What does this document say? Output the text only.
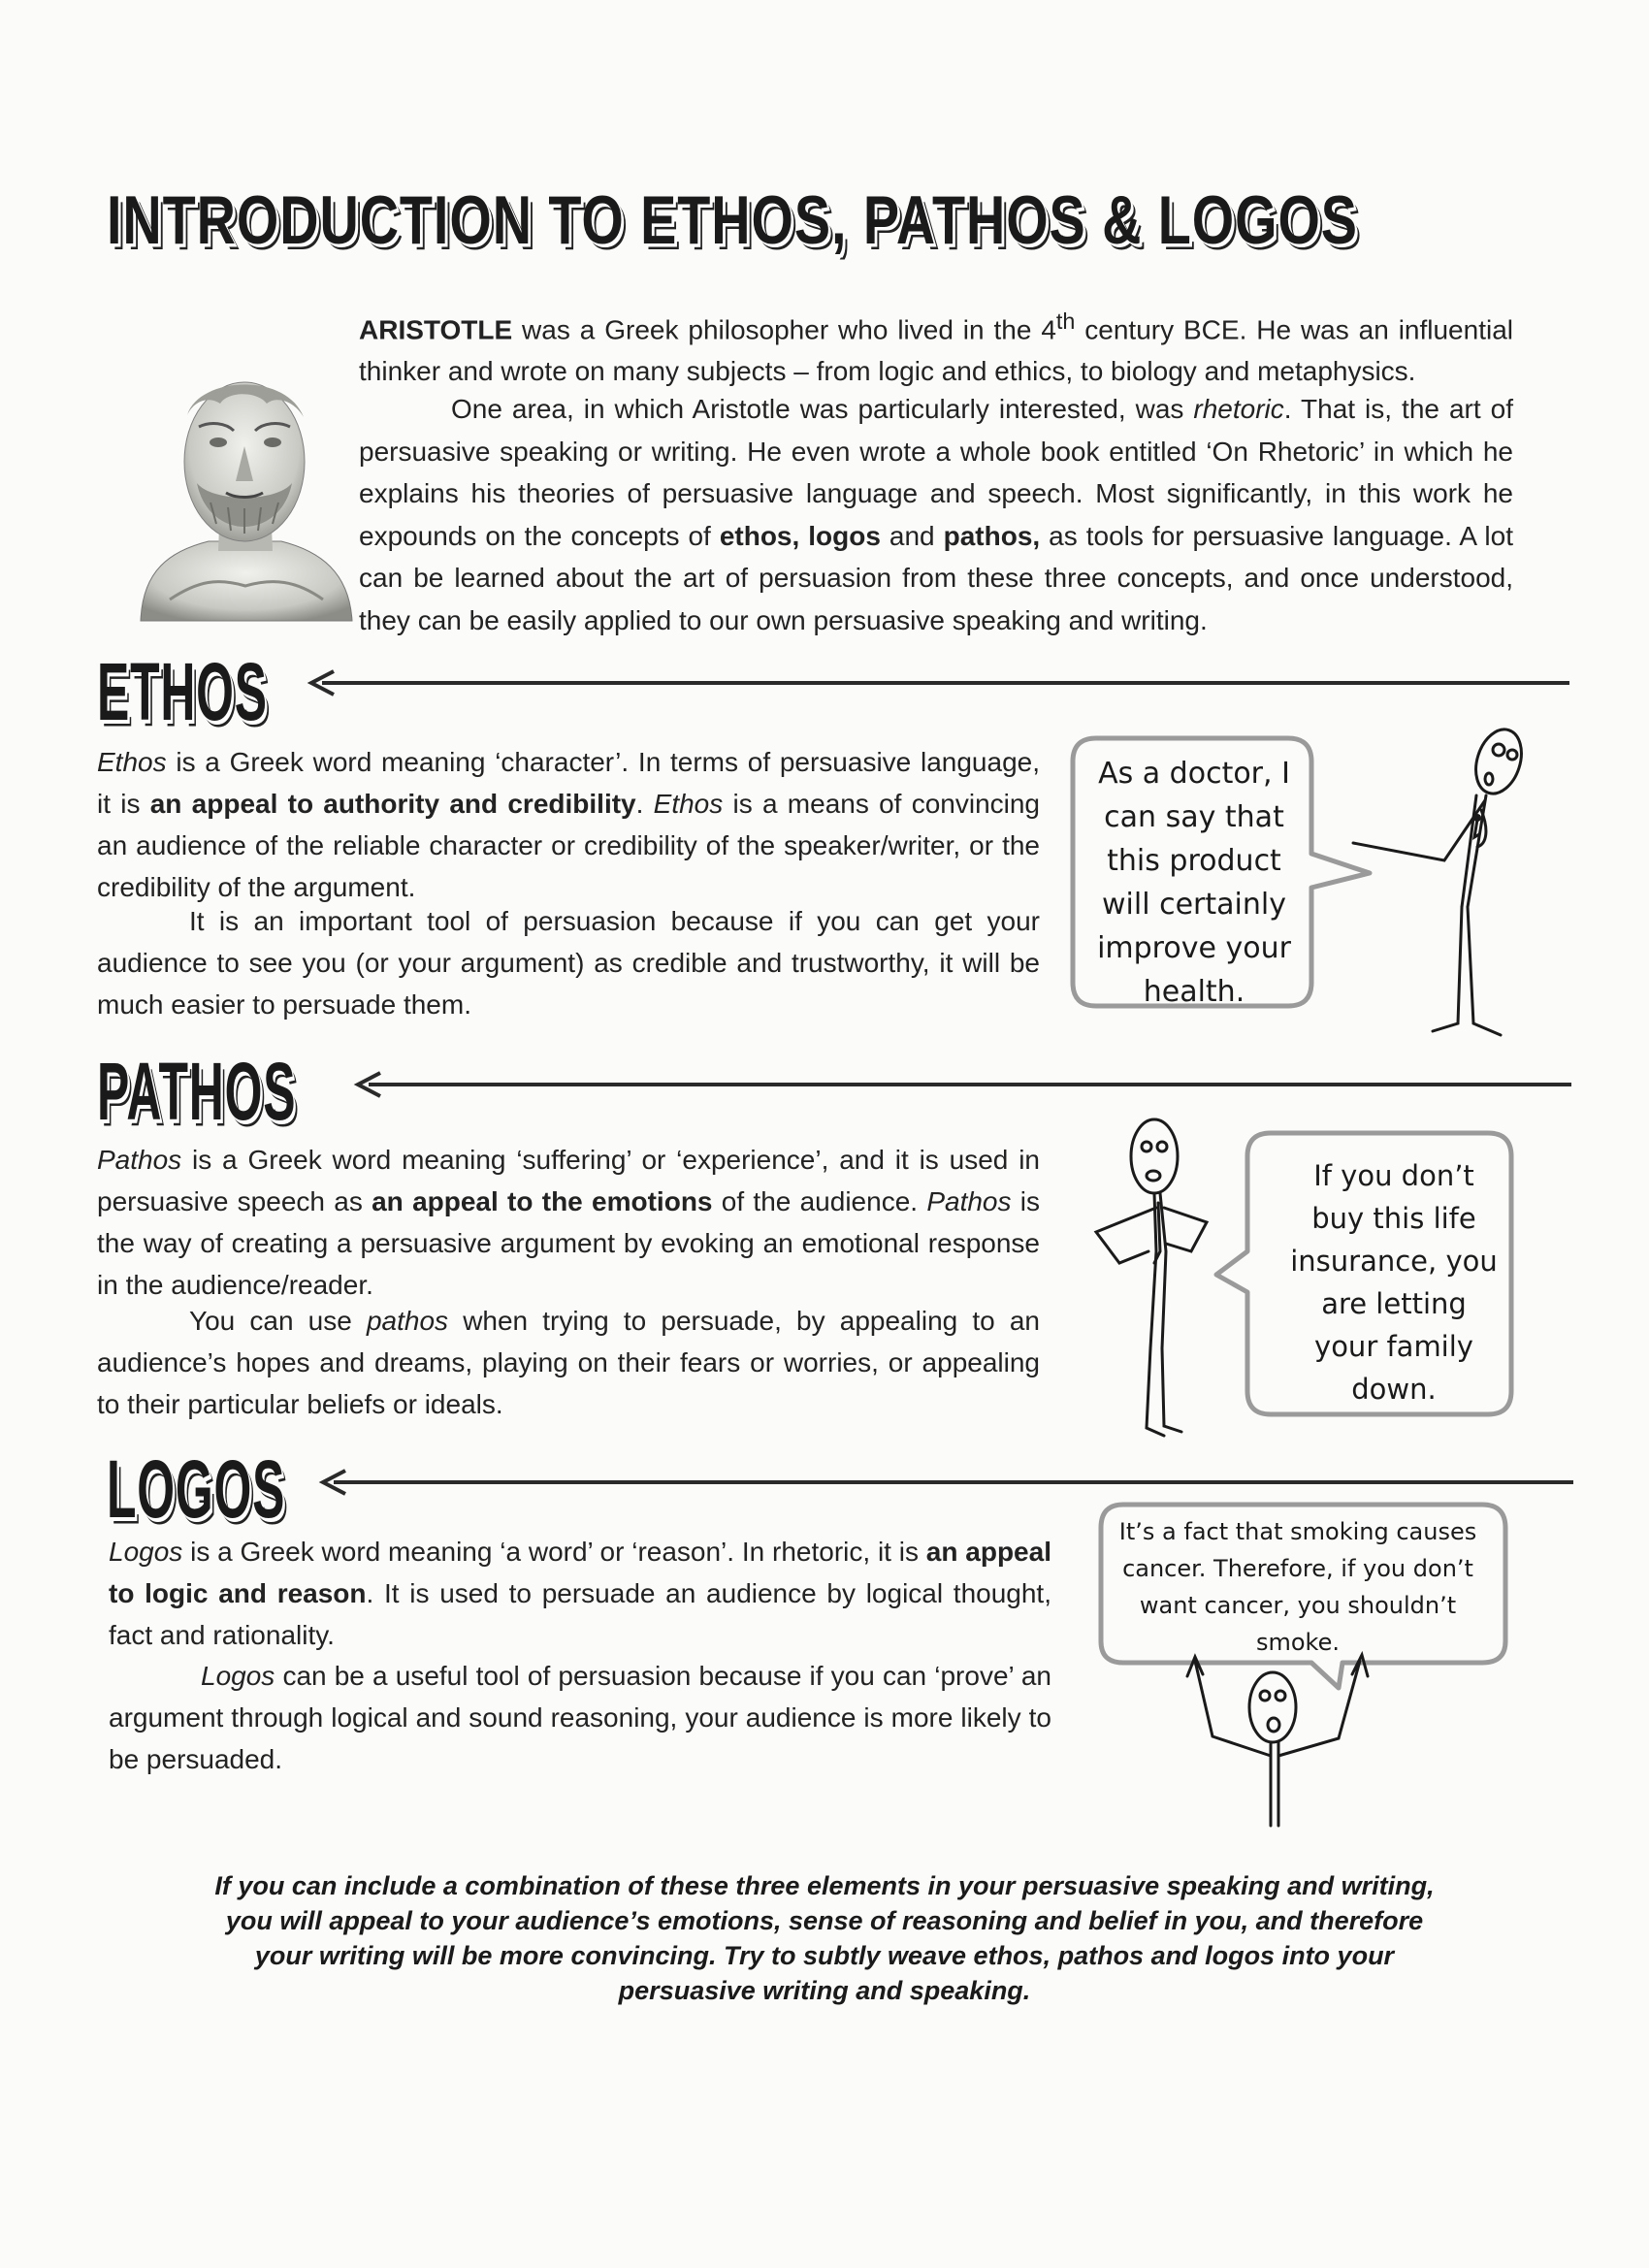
INTRODUCTION TO ETHOS, PATHOS & LOGOS

ARISTOTLE was a Greek philosopher who lived in the 4th century BCE. He was an influential thinker and wrote on many subjects – from logic and ethics, to biology and metaphysics.

One area, in which Aristotle was particularly interested, was rhetoric. That is, the art of persuasive speaking or writing. He even wrote a whole book entitled ‘On Rhetoric’ in which he explains his theories of persuasive language and speech. Most significantly, in this work he expounds on the concepts of ethos, logos and pathos, as tools for persuasive language. A lot can be learned about the art of persuasion from these three concepts, and once understood, they can be easily applied to our own persuasive speaking and writing.

ETHOS

Ethos is a Greek word meaning ‘character’. In terms of persuasive language, it is an appeal to authority and credibility. Ethos is a means of convincing an audience of the reliable character or credibility of the speaker/writer, or the credibility of the argument.

It is an important tool of persuasion because if you can get your audience to see you (or your argument) as credible and trustworthy, it will be much easier to persuade them.

As a doctor, I
can say that
this product
will certainly
improve your
health.
PATHOS

Pathos is a Greek word meaning ‘suffering’ or ‘experience’, and it is used in persuasive speech as an appeal to the emotions of the audience. Pathos is the way of creating a persuasive argument by evoking an emotional response in the audience/reader.

You can use pathos when trying to persuade, by appealing to an audience’s hopes and dreams, playing on their fears or worries, or appealing to their particular beliefs or ideals.

If you don’t
buy this life
insurance, you
are letting
your family
down.
LOGOS

Logos is a Greek word meaning ‘a word’ or ‘reason’. In rhetoric, it is an appeal to logic and reason. It is used to persuade an audience by logical thought, fact and rationality.

Logos can be a useful tool of persuasion because if you can ‘prove’ an argument through logical and sound reasoning, your audience is more likely to be persuaded.

It’s a fact that smoking causes
cancer. Therefore, if you don’t
want cancer, you shouldn’t smoke.

If you can include a combination of these three elements in your persuasive speaking and writing, you will appeal to your audience’s emotions, sense of reasoning and belief in you, and therefore your writing will be more convincing. Try to subtly weave ethos, pathos and logos into your persuasive writing and speaking.
